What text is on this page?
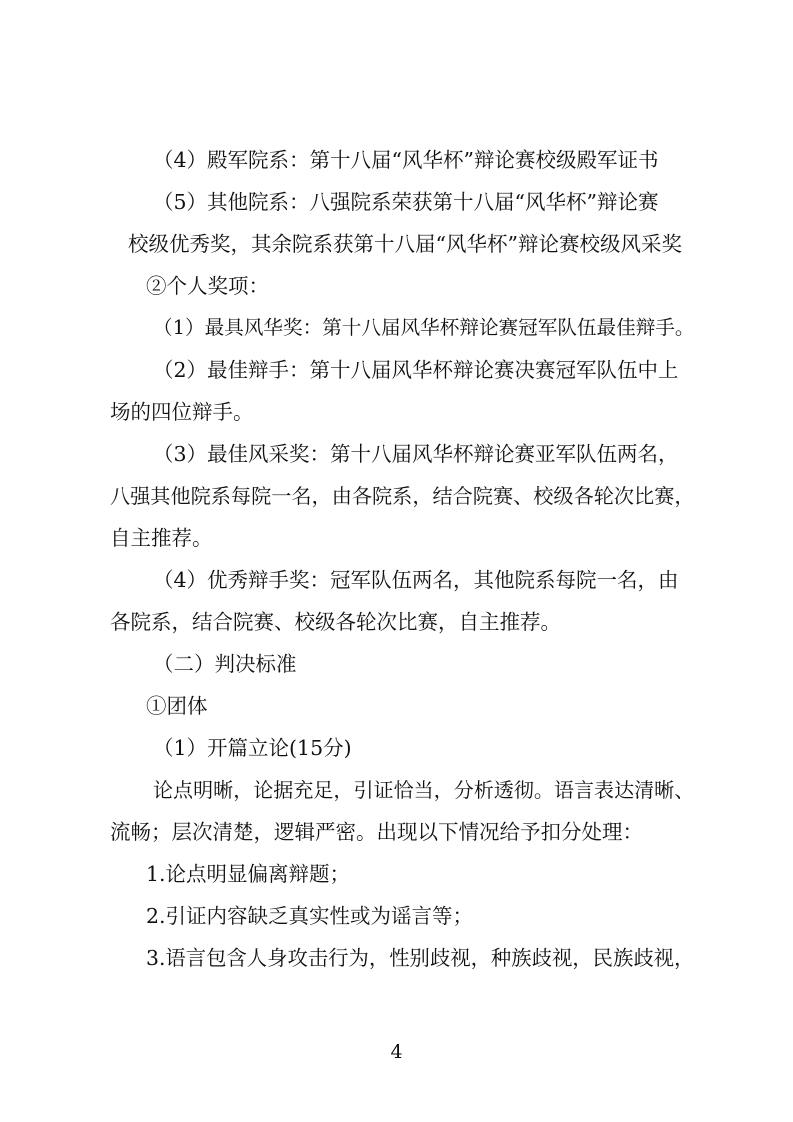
（4）殿军院系：第十八届“风华杯”辩论赛校级殿军证书

（5）其他院系：八强院系荣获第十八届“风华杯”辩论赛

校级优秀奖，其余院系获第十八届“风华杯”辩论赛校级风采奖

②个人奖项：

（1）最具风华奖：第十八届风华杯辩论赛冠军队伍最佳辩手。

（2）最佳辩手：第十八届风华杯辩论赛决赛冠军队伍中上

场的四位辩手。

（3）最佳风采奖：第十八届风华杯辩论赛亚军队伍两名，

八强其他院系每院一名，由各院系，结合院赛、校级各轮次比赛，

自主推荐。

（4）优秀辩手奖：冠军队伍两名，其他院系每院一名，由

各院系，结合院赛、校级各轮次比赛，自主推荐。

（二）判决标准

①团体

（1）开篇立论(15分)

论点明晰，论据充足，引证恰当，分析透彻。语言表达清晰、

流畅；层次清楚，逻辑严密。出现以下情况给予扣分处理：

1.论点明显偏离辩题；

2.引证内容缺乏真实性或为谣言等；

3.语言包含人身攻击行为，性别歧视，种族歧视，民族歧视，

4
